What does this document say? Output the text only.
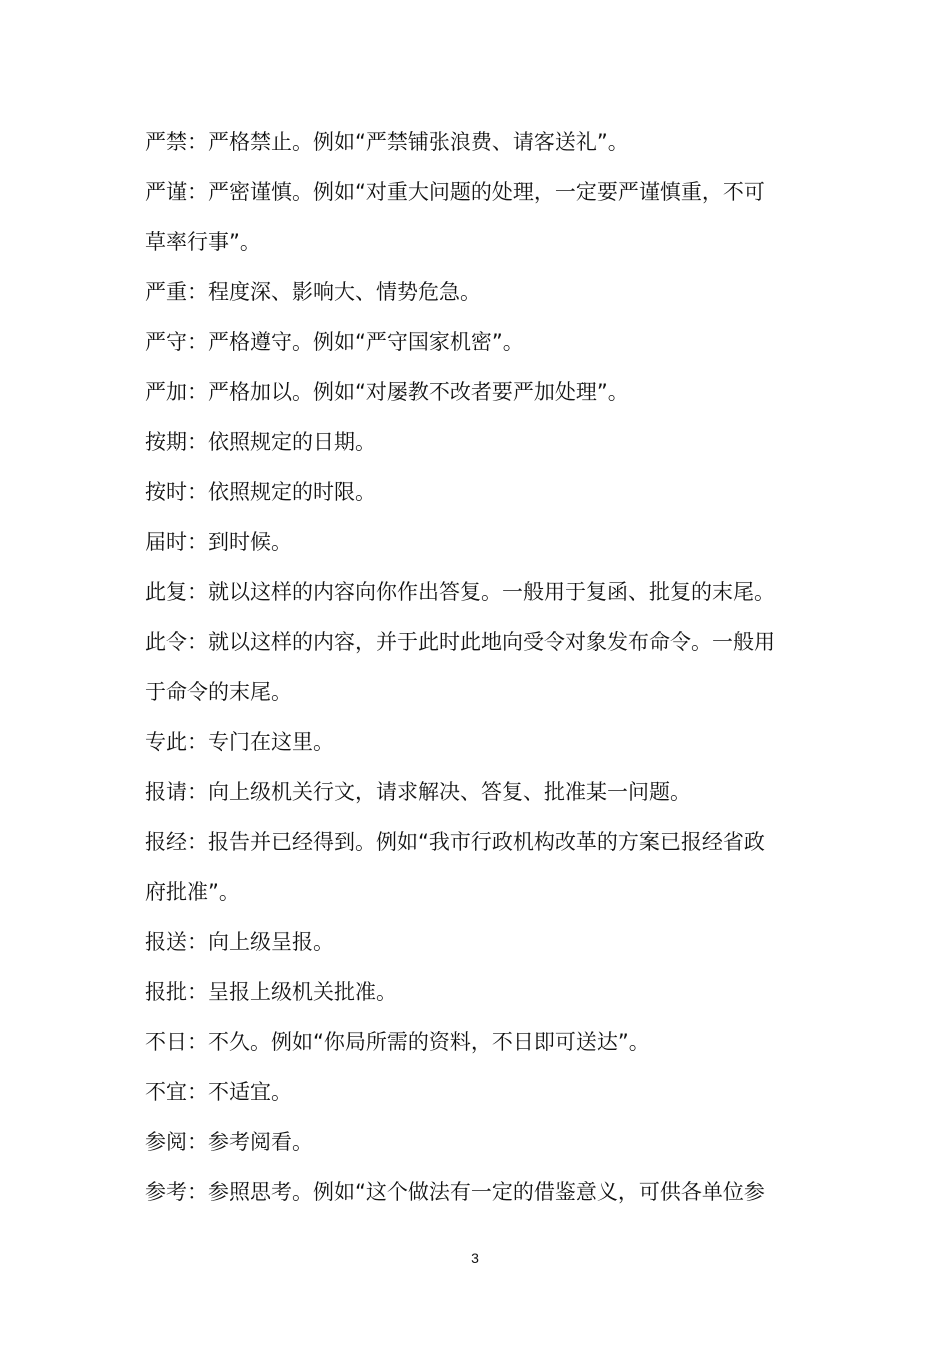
严禁：严格禁止。例如“严禁铺张浪费、请客送礼”。
严谨：严密谨慎。例如“对重大问题的处理，一定要严谨慎重，不可
草率行事”。
严重：程度深、影响大、情势危急。
严守：严格遵守。例如“严守国家机密”。
严加：严格加以。例如“对屡教不改者要严加处理”。
按期：依照规定的日期。
按时：依照规定的时限。
届时：到时候。
此复：就以这样的内容向你作出答复。一般用于复函、批复的末尾。
此令：就以这样的内容，并于此时此地向受令对象发布命令。一般用
于命令的末尾。
专此：专门在这里。
报请：向上级机关行文，请求解决、答复、批准某一问题。
报经：报告并已经得到。例如“我市行政机构改革的方案已报经省政
府批准”。
报送：向上级呈报。
报批：呈报上级机关批准。
不日：不久。例如“你局所需的资料，不日即可送达”。
不宜：不适宜。
参阅：参考阅看。
参考：参照思考。例如“这个做法有一定的借鉴意义，可供各单位参
3
